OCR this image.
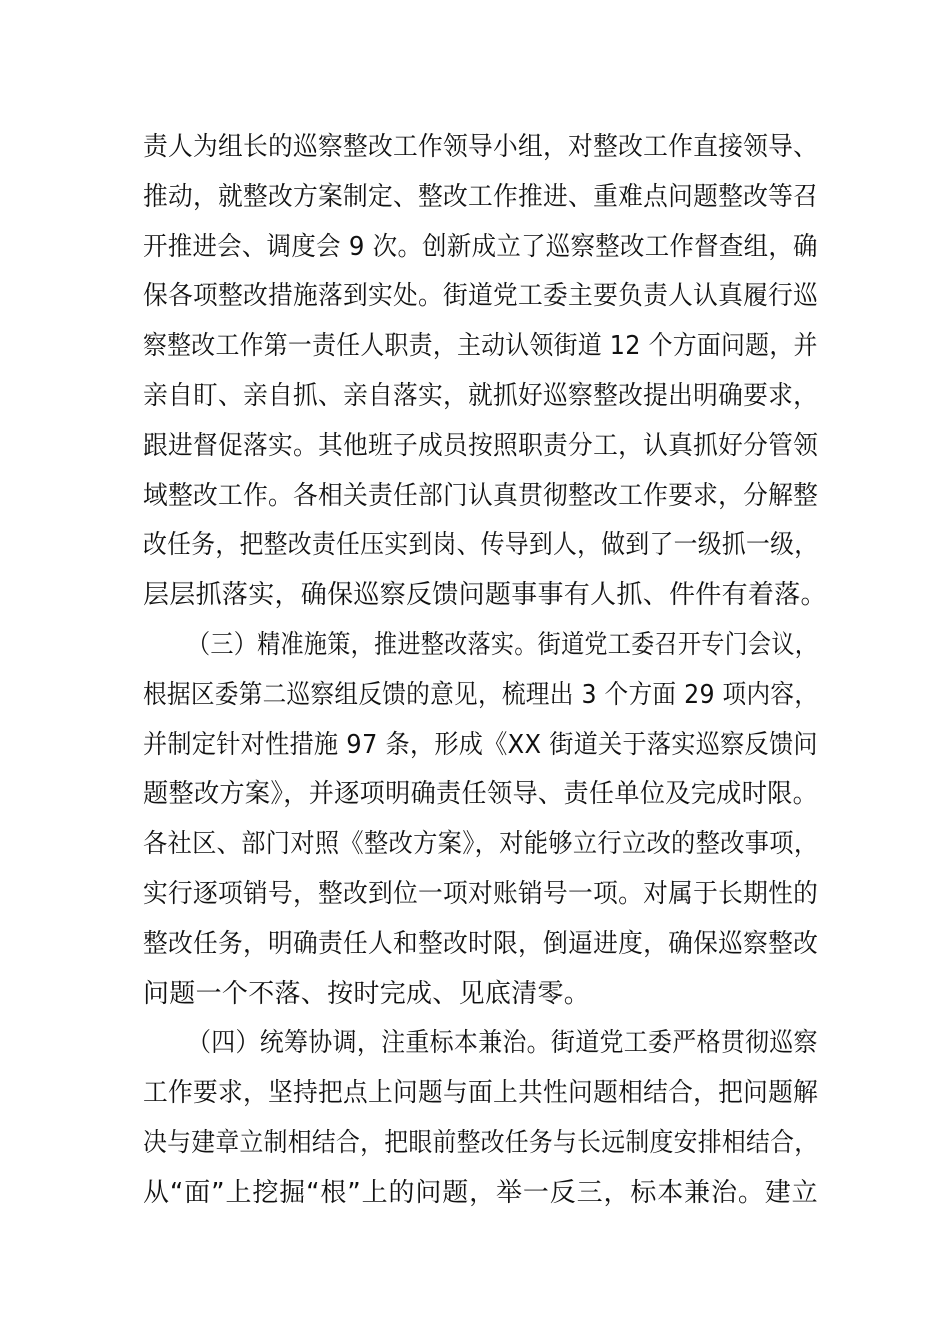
责人为组长的巡察整改工作领导小组，对整改工作直接领导、
推动，就整改方案制定、整改工作推进、重难点问题整改等召
开推进会、调度会 9 次。创新成立了巡察整改工作督查组，确
保各项整改措施落到实处。街道党工委主要负责人认真履行巡
察整改工作第一责任人职责，主动认领街道 12 个方面问题，并
亲自盯、亲自抓、亲自落实，就抓好巡察整改提出明确要求，
跟进督促落实。其他班子成员按照职责分工，认真抓好分管领
域整改工作。各相关责任部门认真贯彻整改工作要求，分解整
改任务，把整改责任压实到岗、传导到人，做到了一级抓一级，
层层抓落实，确保巡察反馈问题事事有人抓、件件有着落。
（三）精准施策，推进整改落实。街道党工委召开专门会议，
根据区委第二巡察组反馈的意见，梳理出 3 个方面 29 项内容，
并制定针对性措施 97 条，形成《XX 街道关于落实巡察反馈问
题整改方案》，并逐项明确责任领导、责任单位及完成时限。
各社区、部门对照《整改方案》，对能够立行立改的整改事项，
实行逐项销号，整改到位一项对账销号一项。对属于长期性的
整改任务，明确责任人和整改时限，倒逼进度，确保巡察整改
问题一个不落、按时完成、见底清零。
（四）统筹协调，注重标本兼治。街道党工委严格贯彻巡察
工作要求，坚持把点上问题与面上共性问题相结合，把问题解
决与建章立制相结合，把眼前整改任务与长远制度安排相结合，
从“面”上挖掘“根”上的问题，举一反三，标本兼治。建立
